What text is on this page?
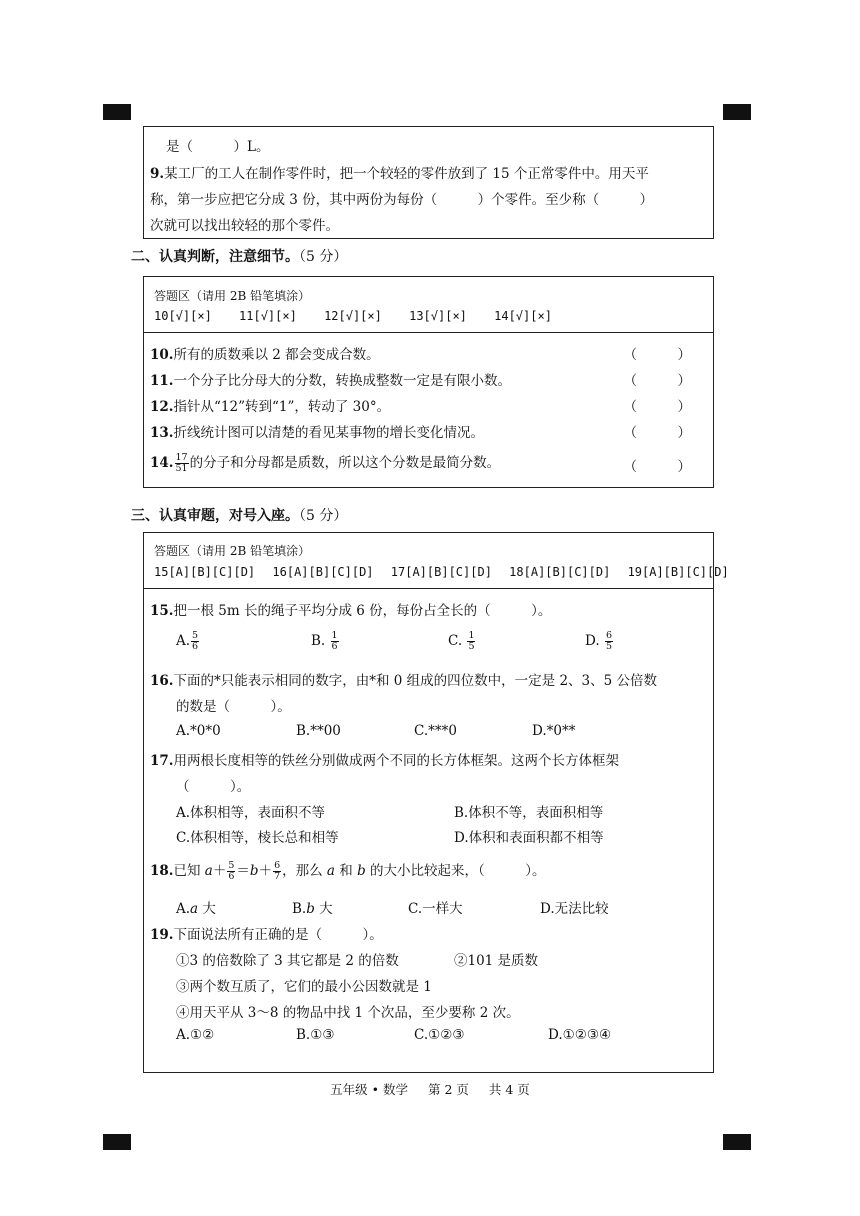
是（　　　）L。
9.某工厂的工人在制作零件时，把一个较轻的零件放到了 15 个正常零件中。用天平
称，第一步应把它分成 3 份，其中两份为每份（　　　）个零件。至少称（　　　）
次就可以找出较轻的那个零件。
二、认真判断，注意细节。（5 分）
答题区（请用 2B 铅笔填涂）
10[√][×] 11[√][×] 12[√][×] 13[√][×] 14[√][×]
10.所有的质数乘以 2 都会变成合数。	（　　　）
11.一个分子比分母大的分数，转换成整数一定是有限小数。	（　　　）
12.指针从“12”转到“1”，转动了 30°。	（　　　）
13.折线统计图可以清楚的看见某事物的增长变化情况。	（　　　）
14. $\frac{17}{51}$ 的分子和分母都是质数，所以这个分数是最简分数。	（　　　）
三、认真审题，对号入座。（5 分）
答题区（请用 2B 铅笔填涂）
15[A][B][C][D] 16[A][B][C][D] 17[A][B][C][D] 18[A][B][C][D] 19[A][B][C][D]
15.把一根 5m 长的绳子平均分成 6 份，每份占全长的（　　　）。
A. $\frac{5}{6}$	B. $\frac{1}{6}$	C. $\frac{1}{5}$	D. $\frac{6}{5}$
16.下面的*只能表示相同的数字，由*和 0 组成的四位数中，一定是 2、3、5 公倍数
的数是（　　　）。
A.*0*0	B.**00	C.***0	D.*0**
17.用两根长度相等的铁丝分别做成两个不同的长方体框架。这两个长方体框架
（　　　）。
A.体积相等，表面积不等	B.体积不等，表面积相等
C.体积相等，棱长总和相等	D.体积和表面积都不相等
18.已知 $a+ \frac{5}{6} =b+ \frac{6}{7}$ ，那么 a 和 b 的大小比较起来，（　　　）。
A.a 大	B.b 大	C.一样大	D.无法比较
19.下面说法所有正确的是（　　　）。
①3 的倍数除了 3 其它都是 2 的倍数	②101 是质数
③两个数互质了，它们的最小公因数就是 1
④用天平从 3～8 的物品中找 1 个次品，至少要称 2 次。
A.①②	B.①③	C.①②③	D.①②③④
五年级 • 数学 第 2 页 共 4 页
